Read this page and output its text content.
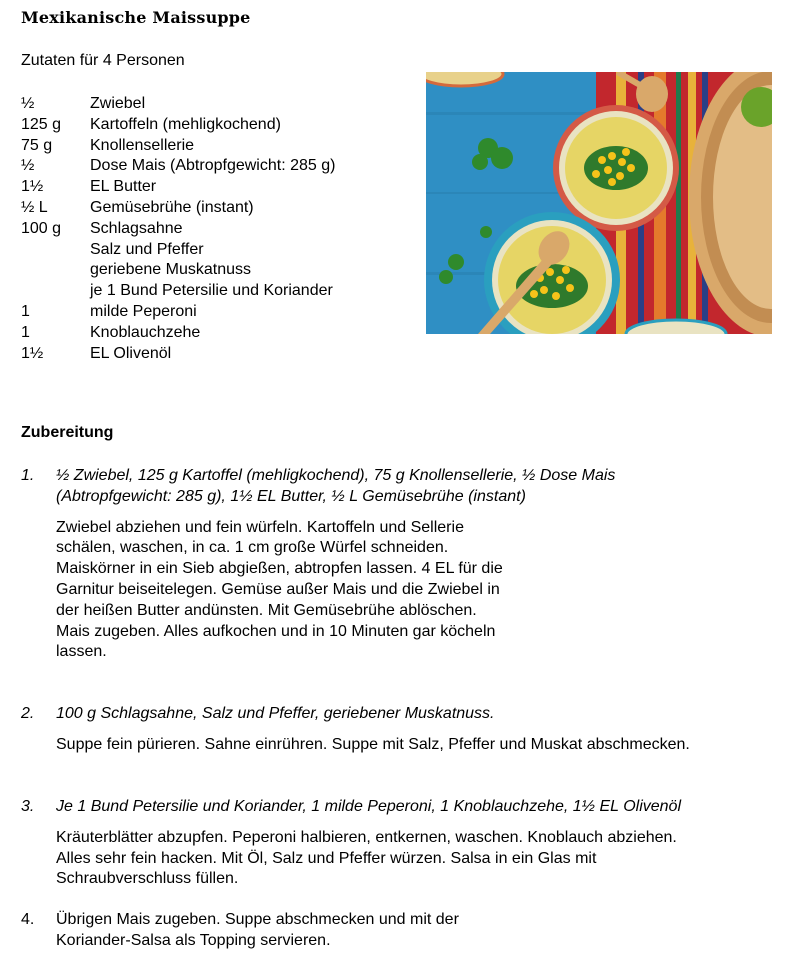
Mexikanische Maissuppe
Zutaten für 4 Personen
½	Zwiebel
125 g Kartoffeln (mehligkochend)
75 g Knollensellerie
½	Dose Mais (Abtropfgewicht: 285 g)
1½	EL Butter
½ L	Gemüsebrühe (instant)
100 g Schlagsahne
Salz und Pfeffer
geriebene Muskatnuss
je 1 Bund Petersilie und Koriander
1	milde Peperoni
1	Knoblauchzehe
1½	EL Olivenöl
Zubereitung
1. ½ Zwiebel, 125 g Kartoffel (mehligkochend), 75 g Knollensellerie, ½ Dose Mais (Abtropfgewicht: 285 g), 1½ EL Butter, ½ L Gemüsebrühe (instant)
Zwiebel abziehen und fein würfeln. Kartoffeln und Sellerie
schälen, waschen, in ca. 1 cm große Würfel schneiden.
Maiskörner in ein Sieb abgießen, abtropfen lassen. 4 EL für die
Garnitur beiseitelegen. Gemüse außer Mais und die Zwiebel in
der heißen Butter andünsten. Mit Gemüsebrühe ablöschen.
Mais zugeben. Alles aufkochen und in 10 Minuten gar köcheln
lassen.
2. 100 g Schlagsahne, Salz und Pfeffer, geriebener Muskatnuss.
Suppe fein pürieren. Sahne einrühren. Suppe mit Salz, Pfeffer und Muskat abschmecken.
3. Je 1 Bund Petersilie und Koriander, 1 milde Peperoni, 1 Knoblauchzehe, 1½ EL Olivenöl
Kräuterblätter abzupfen. Peperoni halbieren, entkernen, waschen. Knoblauch abziehen.
Alles sehr fein hacken. Mit Öl, Salz und Pfeffer würzen. Salsa in ein Glas mit
Schraubverschluss füllen.
4. Übrigen Mais zugeben. Suppe abschmecken und mit der
Koriander-Salsa als Topping servieren.
